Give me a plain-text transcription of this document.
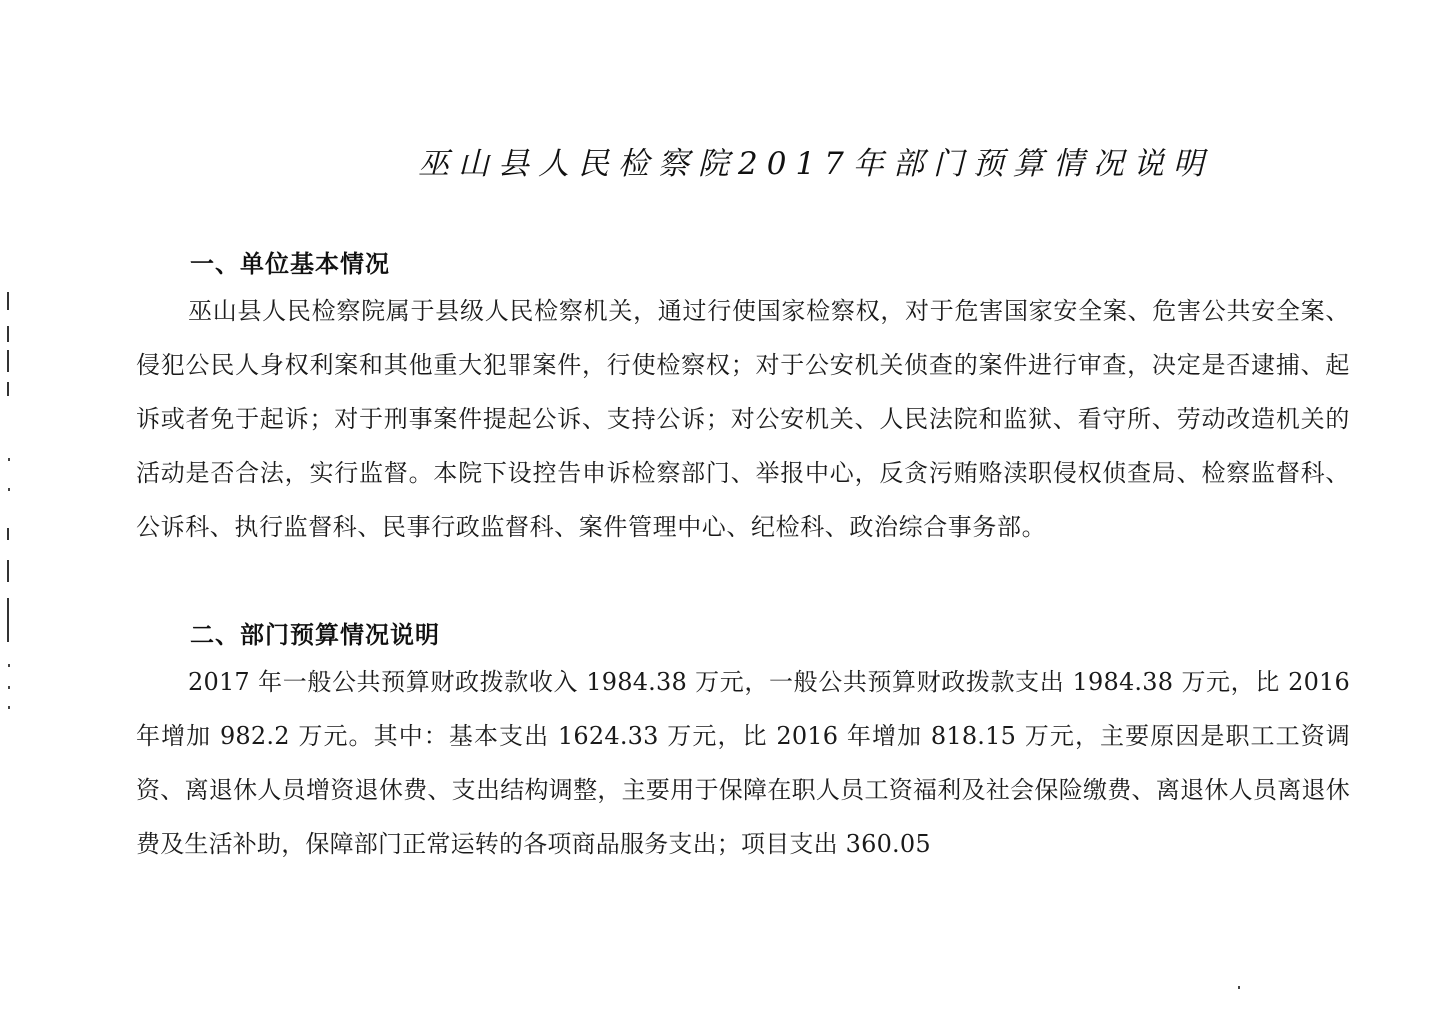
巫山县人民检察院2017年部门预算情况说明
一、单位基本情况

巫山县人民检察院属于县级人民检察机关，通过行使国家检察权，对于危害国家安全案、危害公共安全案、侵犯公民人身权利案和其他重大犯罪案件，行使检察权；对于公安机关侦查的案件进行审查，决定是否逮捕、起诉或者免于起诉；对于刑事案件提起公诉、支持公诉；对公安机关、人民法院和监狱、看守所、劳动改造机关的活动是否合法，实行监督。本院下设控告申诉检察部门、举报中心，反贪污贿赂渎职侵权侦查局、检察监督科、公诉科、执行监督科、民事行政监督科、案件管理中心、纪检科、政治综合事务部。

二、部门预算情况说明

2017 年一般公共预算财政拨款收入 1984.38 万元，一般公共预算财政拨款支出 1984.38 万元，比 2016 年增加 982.2 万元。其中：基本支出 1624.33 万元，比 2016 年增加 818.15 万元，主要原因是职工工资调资、离退休人员增资退休费、支出结构调整，主要用于保障在职人员工资福利及社会保险缴费、离退休人员离退休费及生活补助，保障部门正常运转的各项商品服务支出；项目支出 360.05
